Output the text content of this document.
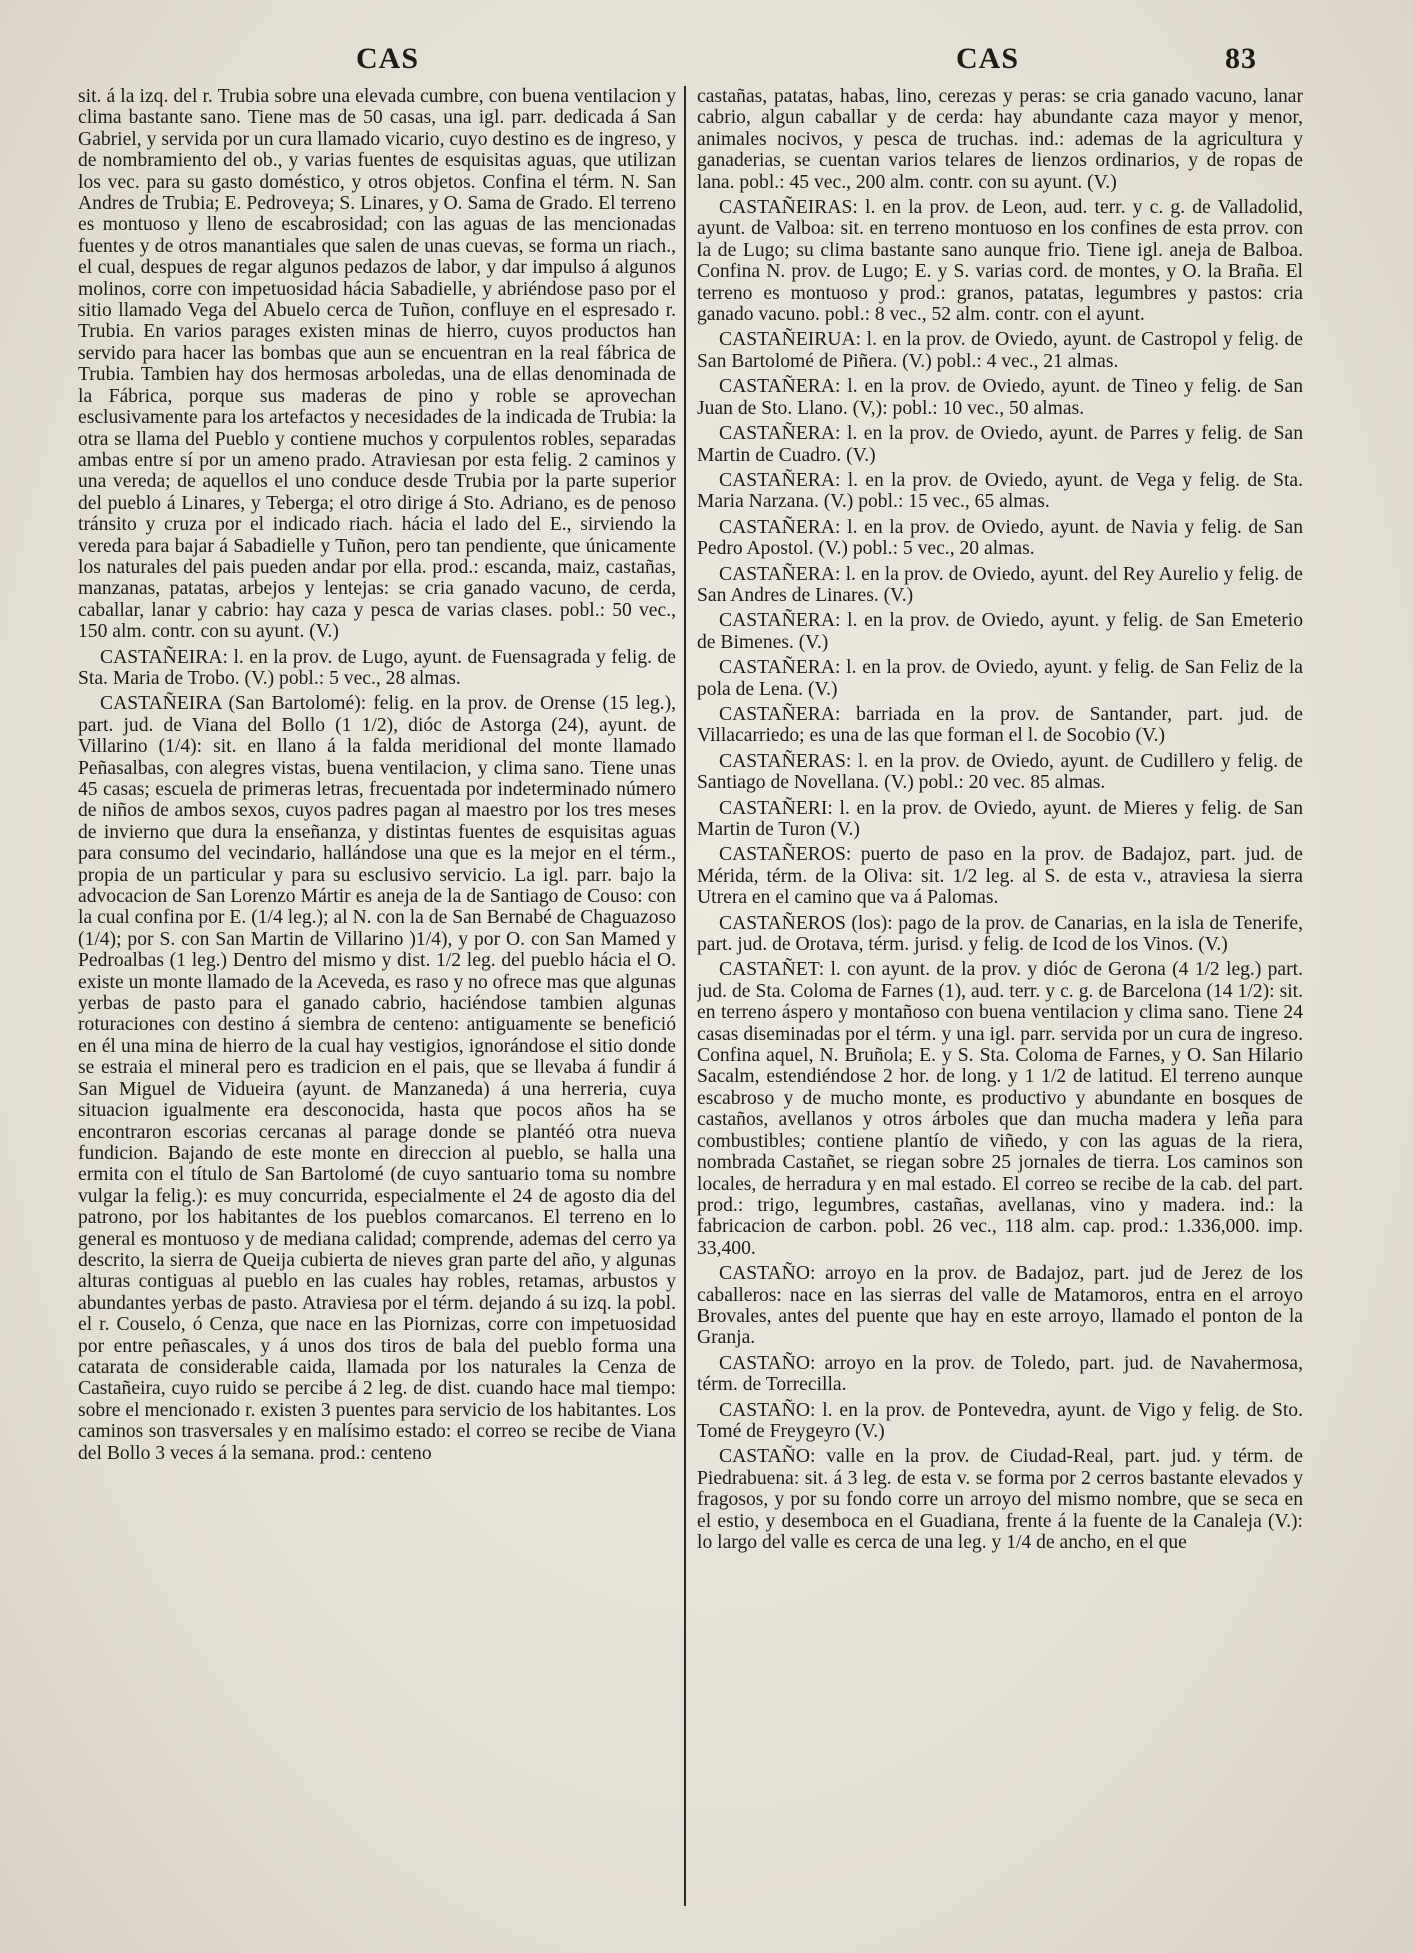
CAS	CAS	83

sit. á la izq. del r. Trubia sobre una elevada cumbre, con buena ventilacion y clima bastante sano. Tiene mas de 50 casas, una igl. parr. dedicada á San Gabriel, y servida por un cura llamado vicario, cuyo destino es de ingreso, y de nombramiento del ob., y varias fuentes de esquisitas aguas, que utilizan los vec. para su gasto doméstico, y otros objetos. Confina el térm. N. San Andres de Trubia; E. Pedroveya; S. Linares, y O. Sama de Grado. El terreno es montuoso y lleno de escabrosidad; con las aguas de las mencionadas fuentes y de otros manantiales que salen de unas cuevas, se forma un riach., el cual, despues de regar algunos pedazos de labor, y dar impulso á algunos molinos, corre con impetuosidad hácia Sabadielle, y abriéndose paso por el sitio llamado Vega del Abuelo cerca de Tuñon, confluye en el espresado r. Trubia. En varios parages existen minas de hierro, cuyos productos han servido para hacer las bombas que aun se encuentran en la real fábrica de Trubia. Tambien hay dos hermosas arboledas, una de ellas denominada de la Fábrica, porque sus maderas de pino y roble se aprovechan esclusivamente para los artefactos y necesidades de la indicada de Trubia: la otra se llama del Pueblo y contiene muchos y corpulentos robles, separadas ambas entre sí por un ameno prado. Atraviesan por esta felig. 2 caminos y una vereda; de aquellos el uno conduce desde Trubia por la parte superior del pueblo á Linares, y Teberga; el otro dirige á Sto. Adriano, es de penoso tránsito y cruza por el indicado riach. hácia el lado del E., sirviendo la vereda para bajar á Sabadielle y Tuñon, pero tan pendiente, que únicamente los naturales del pais pueden andar por ella. prod.: escanda, maiz, castañas, manzanas, patatas, arbejos y lentejas: se cria ganado vacuno, de cerda, caballar, lanar y cabrio: hay caza y pesca de varias clases. pobl.: 50 vec., 150 alm. contr. con su ayunt. (V.)

CASTAÑEIRA: l. en la prov. de Lugo, ayunt. de Fuensagrada y felig. de Sta. Maria de Trobo. (V.) pobl.: 5 vec., 28 almas.

CASTAÑEIRA (San Bartolomé): felig. en la prov. de Orense (15 leg.), part. jud. de Viana del Bollo (1 1/2), dióc de Astorga (24), ayunt. de Villarino (1/4): sit. en llano á la falda meridional del monte llamado Peñasalbas, con alegres vistas, buena ventilacion, y clima sano. Tiene unas 45 casas; escuela de primeras letras, frecuentada por indeterminado número de niños de ambos sexos, cuyos padres pagan al maestro por los tres meses de invierno que dura la enseñanza, y distintas fuentes de esquisitas aguas para consumo del vecindario, hallándose una que es la mejor en el térm., propia de un particular y para su esclusivo servicio. La igl. parr. bajo la advocacion de San Lorenzo Mártir es aneja de la de Santiago de Couso: con la cual confina por E. (1/4 leg.); al N. con la de San Bernabé de Chaguazoso (1/4); por S. con San Martin de Villarino )1/4), y por O. con San Mamed y Pedroalbas (1 leg.) Dentro del mismo y dist. 1/2 leg. del pueblo hácia el O. existe un monte llamado de la Aceveda, es raso y no ofrece mas que algunas yerbas de pasto para el ganado cabrio, haciéndose tambien algunas roturaciones con destino á siembra de centeno: antiguamente se benefició en él una mina de hierro de la cual hay vestigios, ignorándose el sitio donde se estraia el mineral pero es tradicion en el pais, que se llevaba á fundir á San Miguel de Vidueira (ayunt. de Manzaneda) á una herreria, cuya situacion igualmente era desconocida, hasta que pocos años ha se encontraron escorias cercanas al parage donde se plantéó otra nueva fundicion. Bajando de este monte en direccion al pueblo, se halla una ermita con el título de San Bartolomé (de cuyo santuario toma su nombre vulgar la felig.): es muy concurrida, especialmente el 24 de agosto dia del patrono, por los habitantes de los pueblos comarcanos. El terreno en lo general es montuoso y de mediana calidad; comprende, ademas del cerro ya descrito, la sierra de Queija cubierta de nieves gran parte del año, y algunas alturas contiguas al pueblo en las cuales hay robles, retamas, arbustos y abundantes yerbas de pasto. Atraviesa por el térm. dejando á su izq. la pobl. el r. Couselo, ó Cenza, que nace en las Piornizas, corre con impetuosidad por entre peñascales, y á unos dos tiros de bala del pueblo forma una catarata de considerable caida, llamada por los naturales la Cenza de Castañeira, cuyo ruido se percibe á 2 leg. de dist. cuando hace mal tiempo: sobre el mencionado r. existen 3 puentes para servicio de los habitantes. Los caminos son trasversales y en malísimo estado: el correo se recibe de Viana del Bollo 3 veces á la semana. prod.: centeno

castañas, patatas, habas, lino, cerezas y peras: se cria ganado vacuno, lanar cabrio, algun caballar y de cerda: hay abundante caza mayor y menor, animales nocivos, y pesca de truchas. ind.: ademas de la agricultura y ganaderias, se cuentan varios telares de lienzos ordinarios, y de ropas de lana. pobl.: 45 vec., 200 alm. contr. con su ayunt. (V.)

CASTAÑEIRAS: l. en la prov. de Leon, aud. terr. y c. g. de Valladolid, ayunt. de Valboa: sit. en terreno montuoso en los confines de esta prrov. con la de Lugo; su clima bastante sano aunque frio. Tiene igl. aneja de Balboa. Confina N. prov. de Lugo; E. y S. varias cord. de montes, y O. la Braña. El terreno es montuoso y prod.: granos, patatas, legumbres y pastos: cria ganado vacuno. pobl.: 8 vec., 52 alm. contr. con el ayunt.

CASTAÑEIRUA: l. en la prov. de Oviedo, ayunt. de Castropol y felig. de San Bartolomé de Piñera. (V.) pobl.: 4 vec., 21 almas.

CASTAÑERA: l. en la prov. de Oviedo, ayunt. de Tineo y felig. de San Juan de Sto. Llano. (V,): pobl.: 10 vec., 50 almas.

CASTAÑERA: l. en la prov. de Oviedo, ayunt. de Parres y felig. de San Martin de Cuadro. (V.)

CASTAÑERA: l. en la prov. de Oviedo, ayunt. de Vega y felig. de Sta. Maria Narzana. (V.) pobl.: 15 vec., 65 almas.

CASTAÑERA: l. en la prov. de Oviedo, ayunt. de Navia y felig. de San Pedro Apostol. (V.) pobl.: 5 vec., 20 almas.

CASTAÑERA: l. en la prov. de Oviedo, ayunt. del Rey Aurelio y felig. de San Andres de Linares. (V.)

CASTAÑERA: l. en la prov. de Oviedo, ayunt. y felig. de San Emeterio de Bimenes. (V.)

CASTAÑERA: l. en la prov. de Oviedo, ayunt. y felig. de San Feliz de la pola de Lena. (V.)

CASTAÑERA: barriada en la prov. de Santander, part. jud. de Villacarriedo; es una de las que forman el l. de Socobio (V.)

CASTAÑERAS: l. en la prov. de Oviedo, ayunt. de Cudillero y felig. de Santiago de Novellana. (V.) pobl.: 20 vec. 85 almas.

CASTAÑERI: l. en la prov. de Oviedo, ayunt. de Mieres y felig. de San Martin de Turon (V.)

CASTAÑEROS: puerto de paso en la prov. de Badajoz, part. jud. de Mérida, térm. de la Oliva: sit. 1/2 leg. al S. de esta v., atraviesa la sierra Utrera en el camino que va á Palomas.

CASTAÑEROS (los): pago de la prov. de Canarias, en la isla de Tenerife, part. jud. de Orotava, térm. jurisd. y felig. de Icod de los Vinos. (V.)

CASTAÑET: l. con ayunt. de la prov. y dióc de Gerona (4 1/2 leg.) part. jud. de Sta. Coloma de Farnes (1), aud. terr. y c. g. de Barcelona (14 1/2): sit. en terreno áspero y montañoso con buena ventilacion y clima sano. Tiene 24 casas diseminadas por el térm. y una igl. parr. servida por un cura de ingreso. Confina aquel, N. Bruñola; E. y S. Sta. Coloma de Farnes, y O. San Hilario Sacalm, estendiéndose 2 hor. de long. y 1 1/2 de latitud. El terreno aunque escabroso y de mucho monte, es productivo y abundante en bosques de castaños, avellanos y otros árboles que dan mucha madera y leña para combustibles; contiene plantío de viñedo, y con las aguas de la riera, nombrada Castañet, se riegan sobre 25 jornales de tierra. Los caminos son locales, de herradura y en mal estado. El correo se recibe de la cab. del part. prod.: trigo, legumbres, castañas, avellanas, vino y madera. ind.: la fabricacion de carbon. pobl. 26 vec., 118 alm. cap. prod.: 1.336,000. imp. 33,400.

CASTAÑO: arroyo en la prov. de Badajoz, part. jud de Jerez de los caballeros: nace en las sierras del valle de Matamoros, entra en el arroyo Brovales, antes del puente que hay en este arroyo, llamado el ponton de la Granja.

CASTAÑO: arroyo en la prov. de Toledo, part. jud. de Navahermosa, térm. de Torrecilla.

CASTAÑO: l. en la prov. de Pontevedra, ayunt. de Vigo y felig. de Sto. Tomé de Freygeyro (V.)

CASTAÑO: valle en la prov. de Ciudad-Real, part. jud. y térm. de Piedrabuena: sit. á 3 leg. de esta v. se forma por 2 cerros bastante elevados y fragosos, y por su fondo corre un arroyo del mismo nombre, que se seca en el estio, y desemboca en el Guadiana, frente á la fuente de la Canaleja (V.): lo largo del valle es cerca de una leg. y 1/4 de ancho, en el que
